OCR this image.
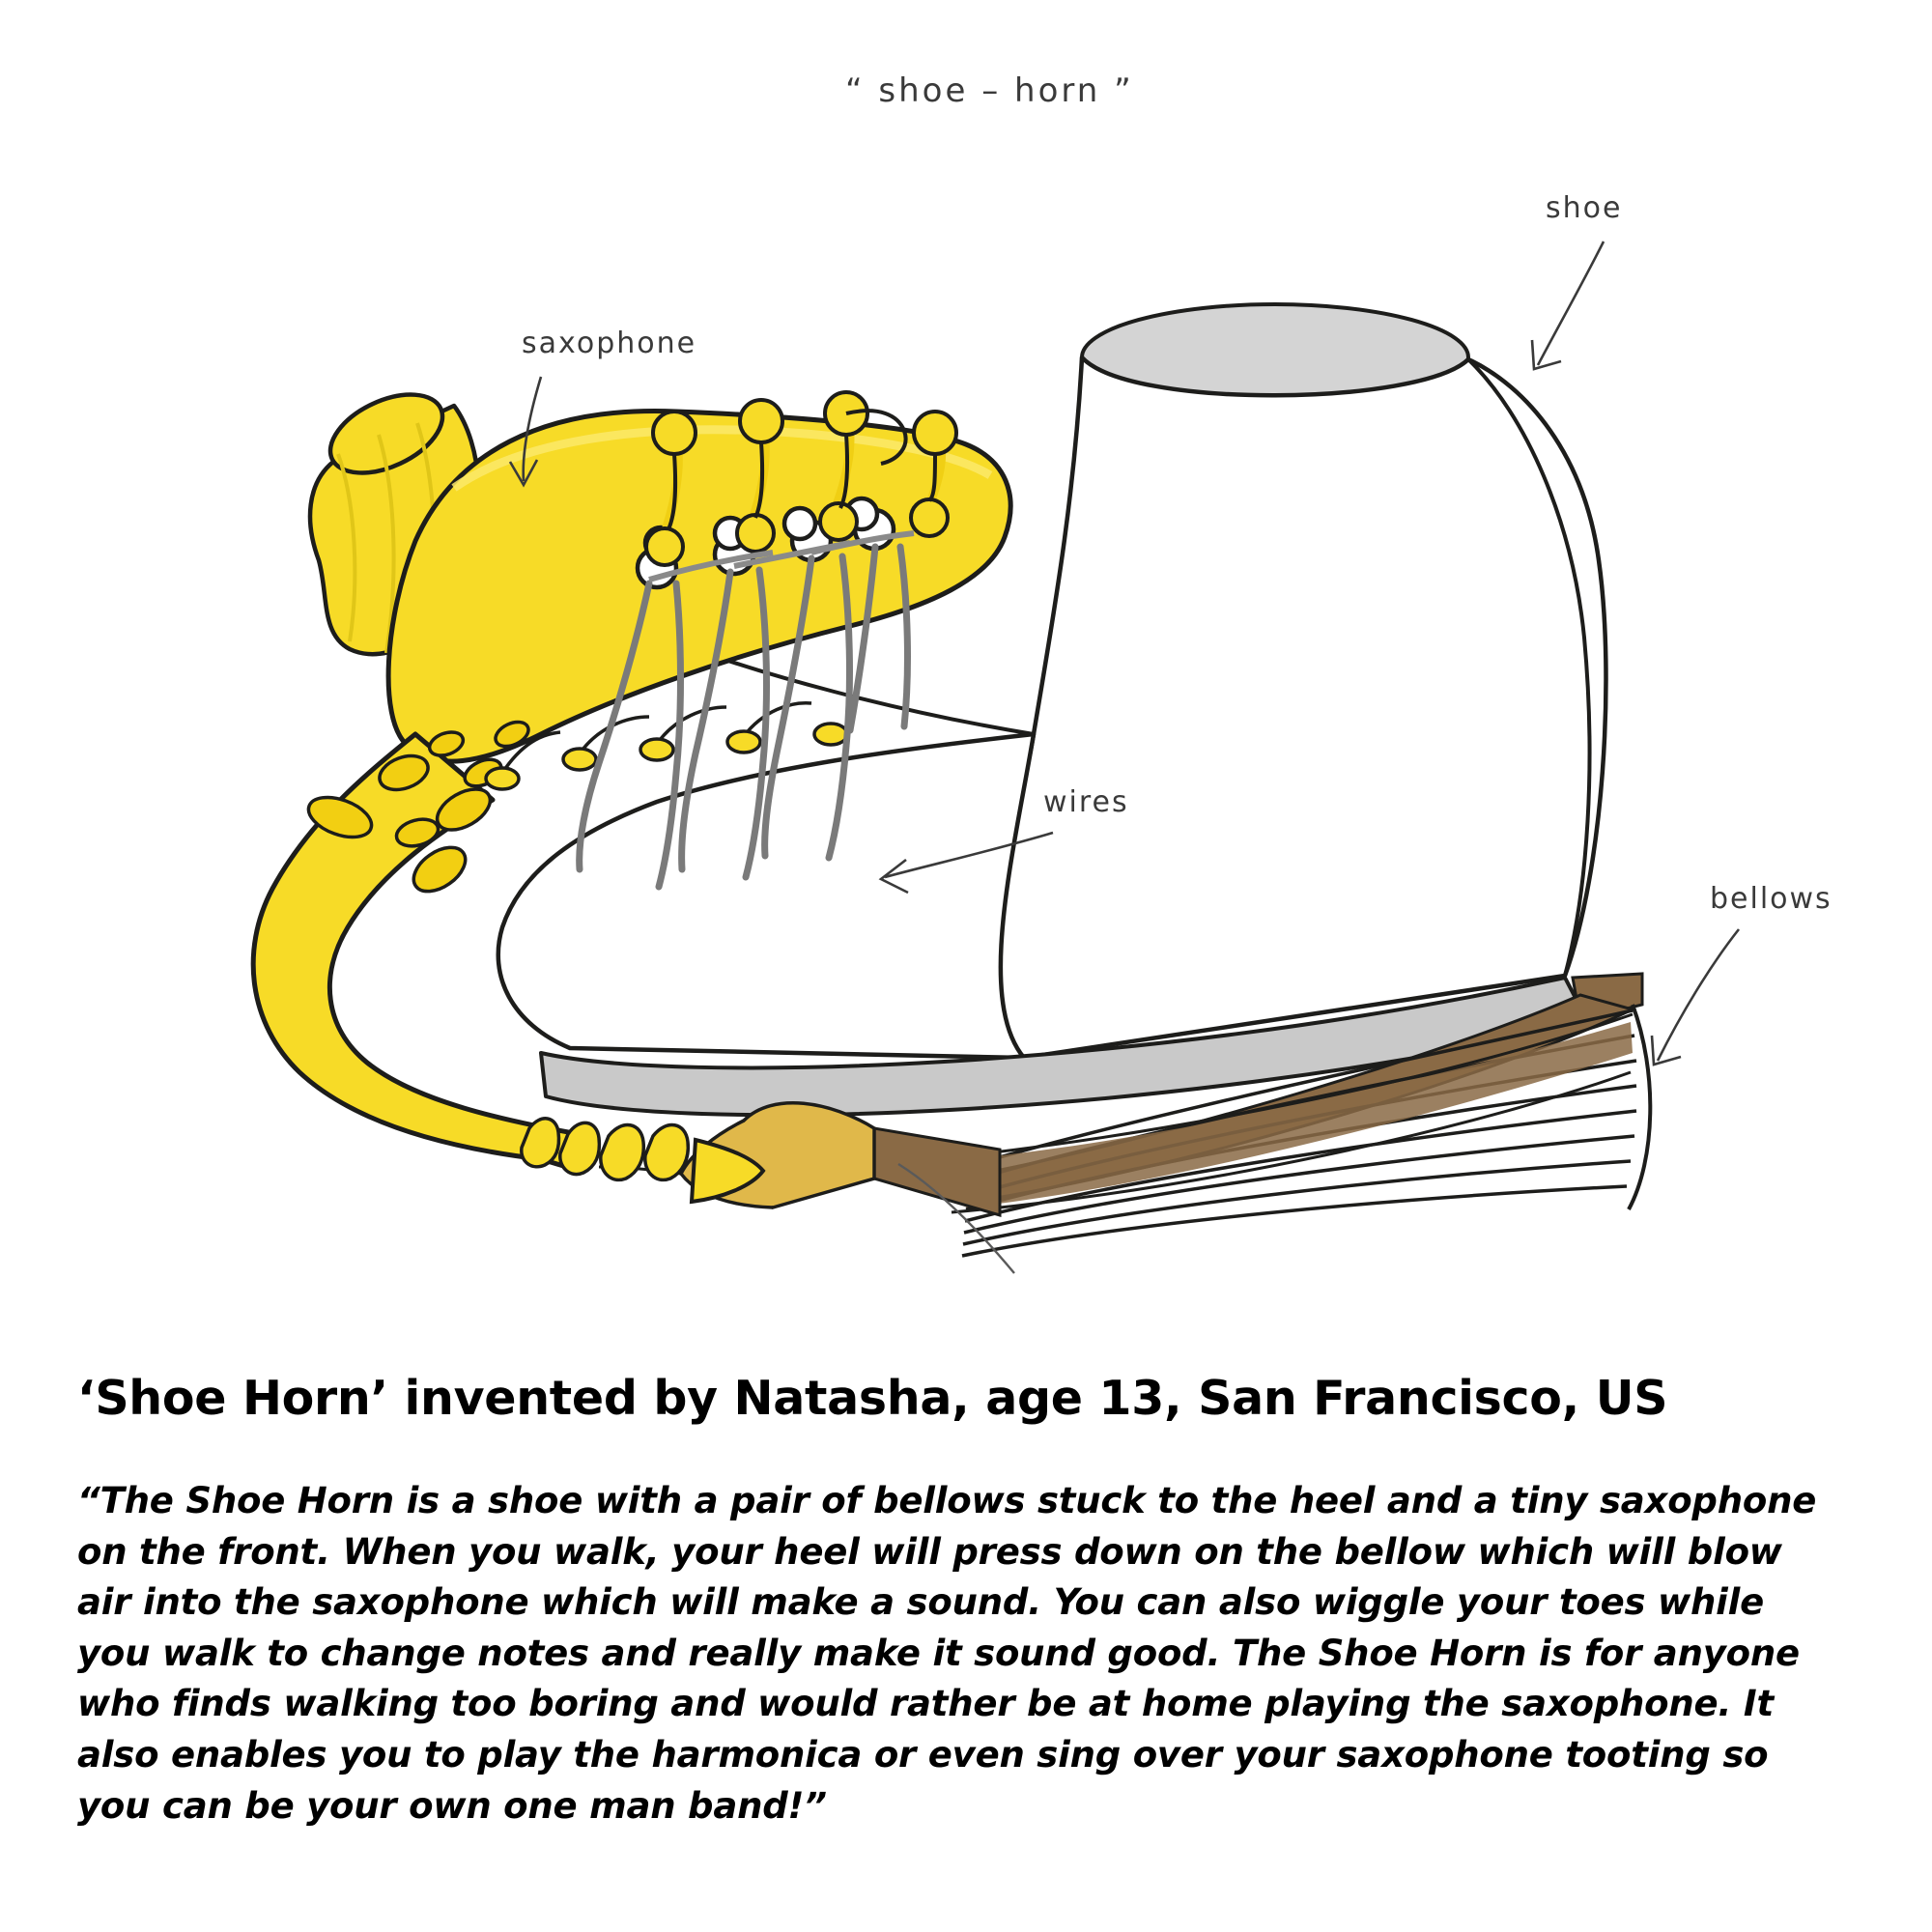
“ shoe – horn ”
saxophone
shoe
wires
bellows
‘Shoe Horn’ invented by Natasha, age 13, San Francisco, US

“The Shoe Horn is a shoe with a pair of bellows stuck to the heel and a tiny saxophone on the front. When you walk, your heel will press down on the bellow which will blow air into the saxophone which will make a sound. You can also wiggle your toes while you walk to change notes and really make it sound good. The Shoe Horn is for anyone who finds walking too boring and would rather be at home playing the saxophone. It also enables you to play the harmonica or even sing over your saxophone tooting so you can be your own one man band!”
